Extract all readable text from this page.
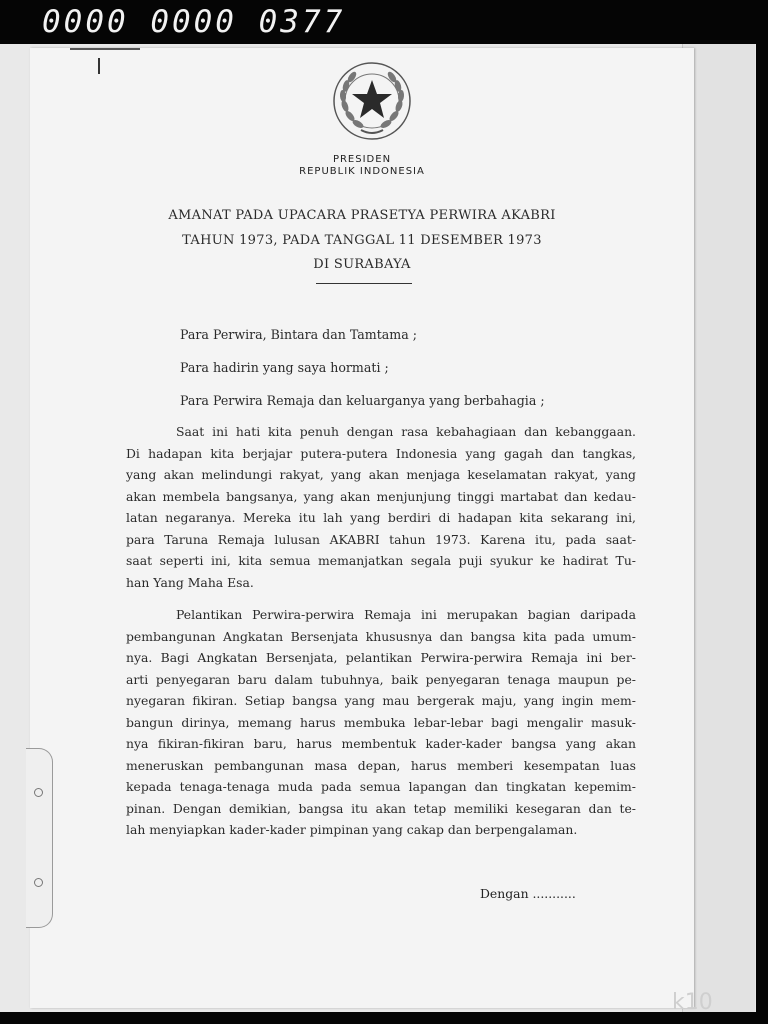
0000 0000 0377
PRESIDEN
REPUBLIK INDONESIA
AMANAT PADA UPACARA PRASETYA PERWIRA AKABRI
TAHUN 1973, PADA TANGGAL 11 DESEMBER 1973
DI SURABAYA
Para Perwira, Bintara dan Tamtama ;
Para hadirin yang saya hormati ;
Para Perwira Remaja dan keluarganya yang berbahagia ;
Saat ini hati kita penuh dengan rasa kebahagiaan dan kebanggaan.
Di hadapan kita berjajar putera-putera Indonesia yang gagah dan tangkas,
yang akan melindungi rakyat, yang akan menjaga keselamatan rakyat, yang
akan membela bangsanya, yang akan menjunjung tinggi martabat dan kedau-
latan negaranya. Mereka itu lah yang berdiri di hadapan kita sekarang ini,
para Taruna Remaja lulusan AKABRI tahun 1973. Karena itu, pada saat-
saat seperti ini, kita semua memanjatkan segala puji syukur ke hadirat Tu-
han Yang Maha Esa.
Pelantikan Perwira-perwira Remaja ini merupakan bagian daripada
pembangunan Angkatan Bersenjata khususnya dan bangsa kita pada umum-
nya. Bagi Angkatan Bersenjata, pelantikan Perwira-perwira Remaja ini ber-
arti penyegaran baru dalam tubuhnya, baik penyegaran tenaga maupun pe-
nyegaran fikiran. Setiap bangsa yang mau bergerak maju, yang ingin mem-
bangun dirinya, memang harus membuka lebar-lebar bagi mengalir masuk-
nya fikiran-fikiran baru, harus membentuk kader-kader bangsa yang akan
meneruskan pembangunan masa depan, harus memberi kesempatan luas
kepada tenaga-tenaga muda pada semua lapangan dan tingkatan kepemim-
pinan. Dengan demikian, bangsa itu akan tetap memiliki kesegaran dan te-
lah menyiapkan kader-kader pimpinan yang cakap dan berpengalaman.
Dengan ...........
k10
